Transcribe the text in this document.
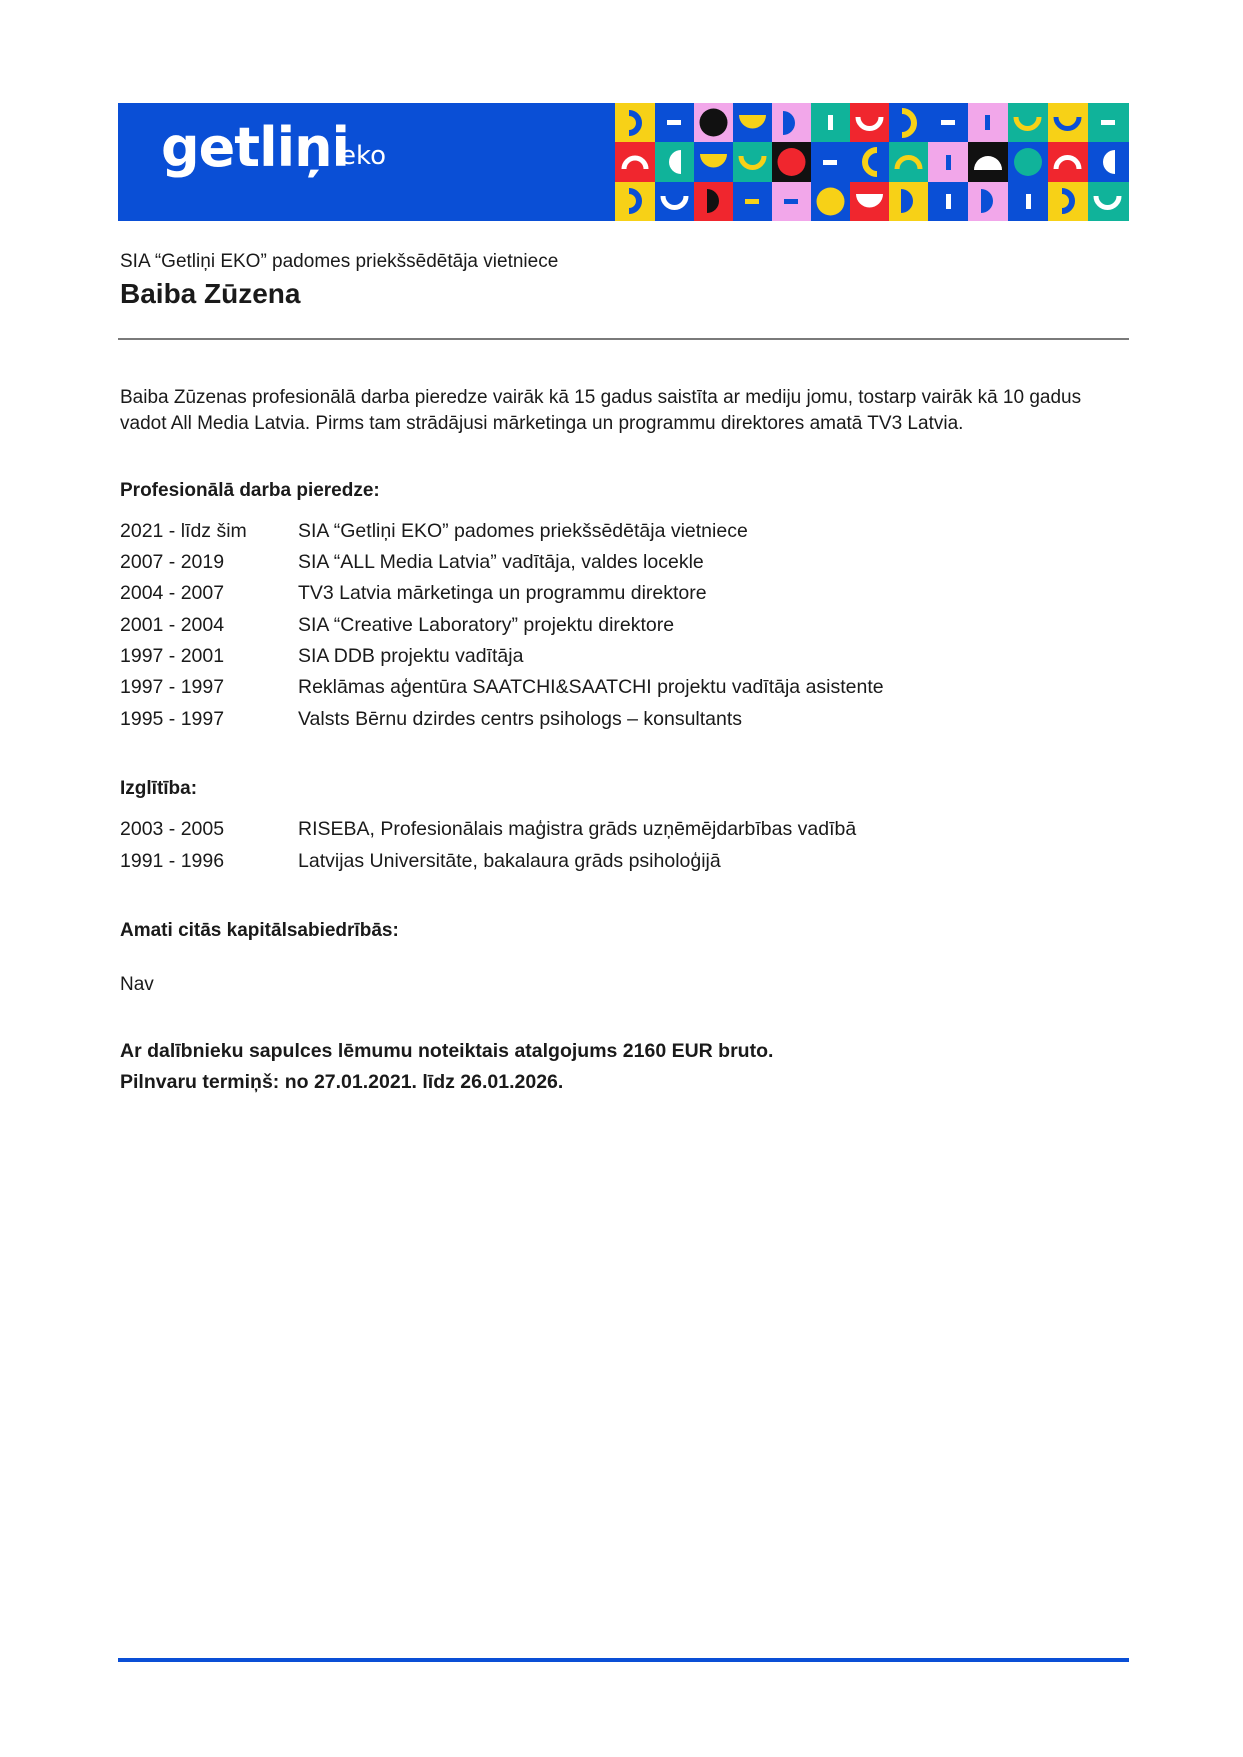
getliņi
eko
SIA “Getliņi EKO” padomes priekšsēdētāja vietniece
Baiba Zūzena
Baiba Zūzenas profesionālā darba pieredze vairāk kā 15 gadus saistīta ar mediju jomu, tostarp vairāk kā 10 gadus vadot All Media Latvia. Pirms tam strādājusi mārketinga un programmu direktores amatā TV3 Latvia.
Profesionālā darba pieredze:
2021 - līdz šim	SIA “Getliņi EKO” padomes priekšsēdētāja vietniece
2007 - 2019	SIA “ALL Media Latvia” vadītāja, valdes locekle
2004 - 2007	TV3 Latvia mārketinga un programmu direktore
2001 - 2004	SIA “Creative Laboratory” projektu direktore
1997 - 2001	SIA DDB projektu vadītāja
1997 - 1997	Reklāmas aģentūra SAATCHI&SAATCHI projektu vadītāja asistente
1995 - 1997	Valsts Bērnu dzirdes centrs psihologs – konsultants
Izglītība:
2003 - 2005	RISEBA, Profesionālais maģistra grāds uzņēmējdarbības vadībā
1991 - 1996	Latvijas Universitāte, bakalaura grāds psiholoģijā
Amati citās kapitālsabiedrībās:
Nav
Ar dalībnieku sapulces lēmumu noteiktais atalgojums 2160 EUR bruto.
Pilnvaru termiņš: no 27.01.2021. līdz 26.01.2026.
